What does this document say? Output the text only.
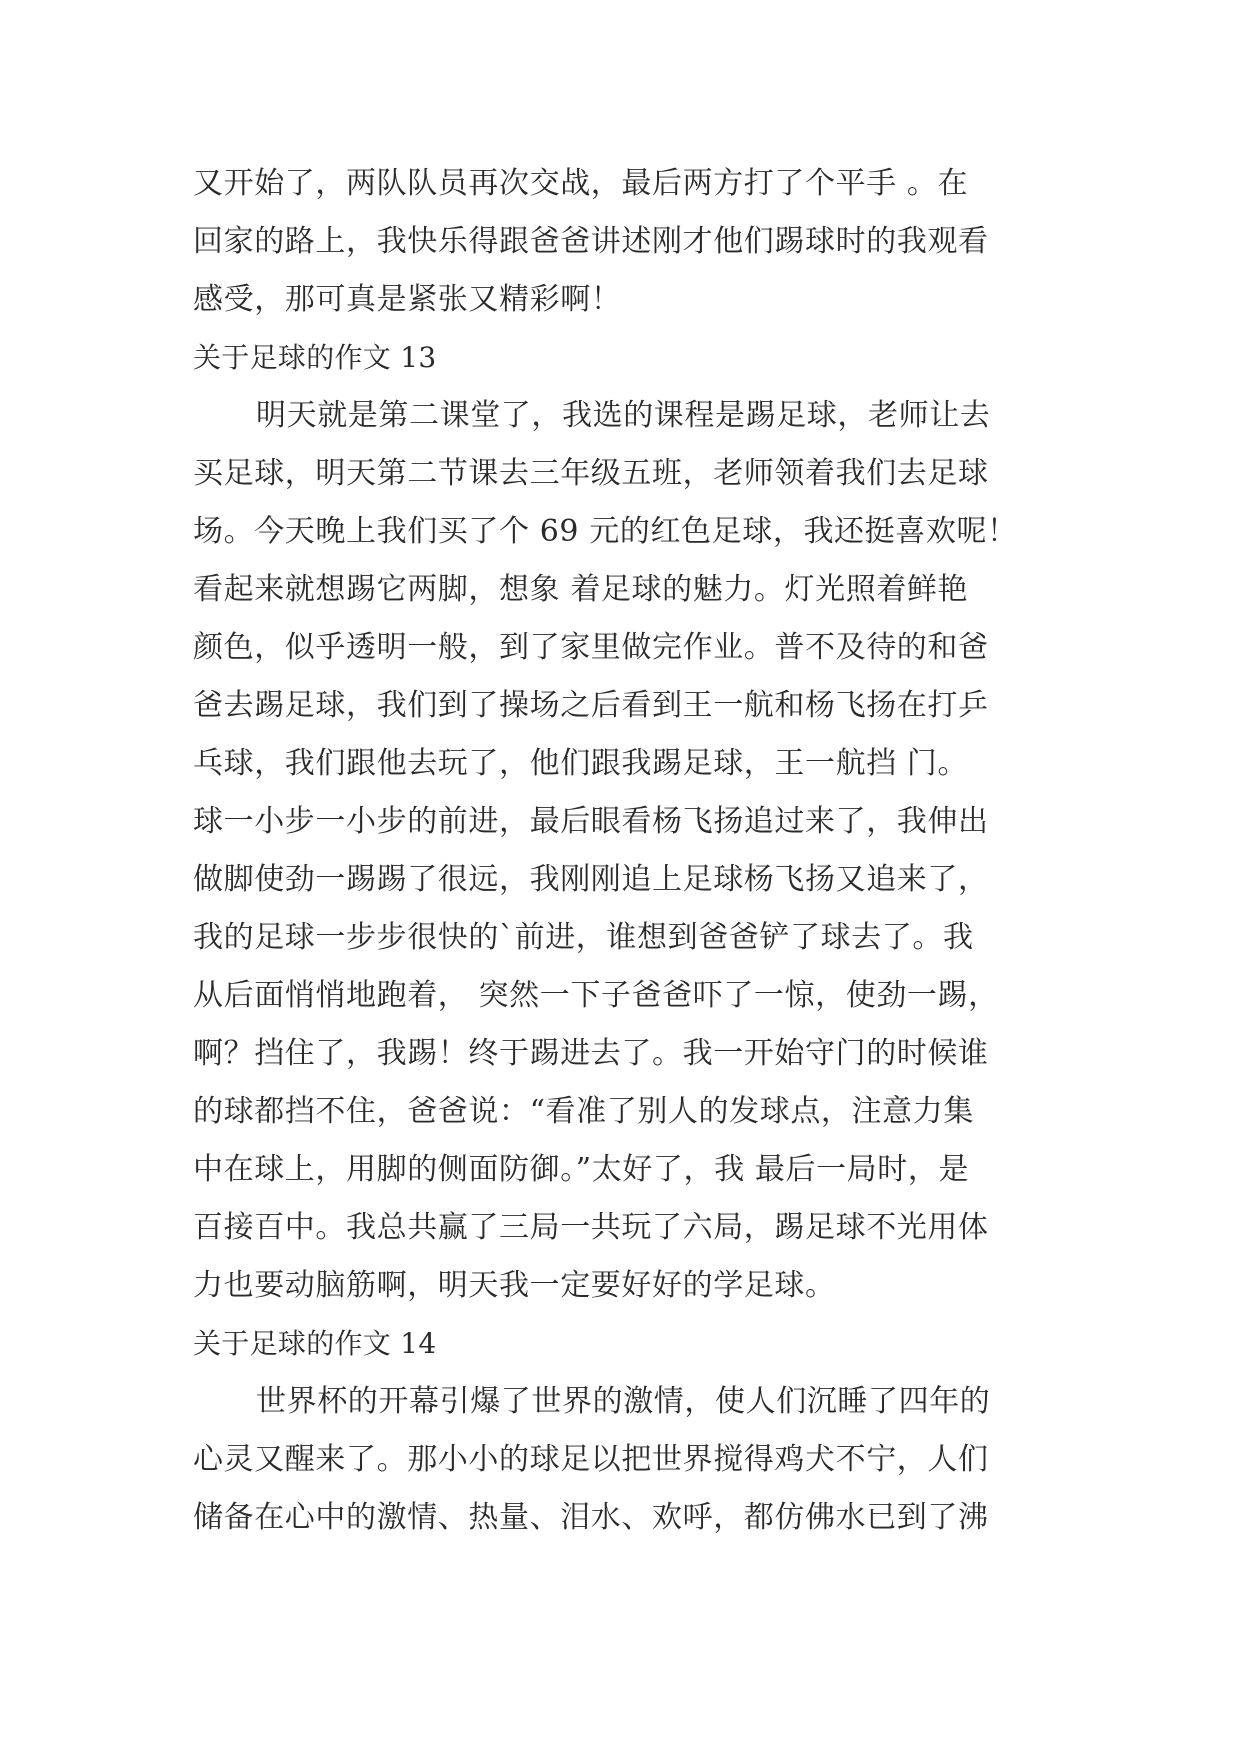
又开始了，两队队员再次交战，最后两方打了个平手 。在
回家的路上，我快乐得跟爸爸讲述刚才他们踢球时的我观看
感受，那可真是紧张又精彩啊！
关于足球的作文 13
明天就是第二课堂了，我选的课程是踢足球，老师让去
买足球，明天第二节课去三年级五班，老师领着我们去足球
场。今天晚上我们买了个 69 元的红色足球，我还挺喜欢呢！
看起来就想踢它两脚，想象 着足球的魅力。灯光照着鲜艳
颜色，似乎透明一般，到了家里做完作业。普不及待的和爸
爸去踢足球，我们到了操场之后看到王一航和杨飞扬在打乒
乓球，我们跟他去玩了，他们跟我踢足球，王一航挡 门。
球一小步一小步的前进，最后眼看杨飞扬追过来了，我伸出
做脚使劲一踢踢了很远，我刚刚追上足球杨飞扬又追来了，
我的足球一步步很快的`前进，谁想到爸爸铲了球去了。我
从后面悄悄地跑着， 突然一下子爸爸吓了一惊，使劲一踢，
啊？挡住了，我踢！终于踢进去了。我一开始守门的时候谁
的球都挡不住，爸爸说：“看准了别人的发球点，注意力集
中在球上，用脚的侧面防御。”太好了，我 最后一局时，是
百接百中。我总共赢了三局一共玩了六局，踢足球不光用体
力也要动脑筋啊，明天我一定要好好的学足球。
关于足球的作文 14
世界杯的开幕引爆了世界的激情，使人们沉睡了四年的
心灵又醒来了。那小小的球足以把世界搅得鸡犬不宁，人们
储备在心中的激情、热量、泪水、欢呼，都仿佛水已到了沸
